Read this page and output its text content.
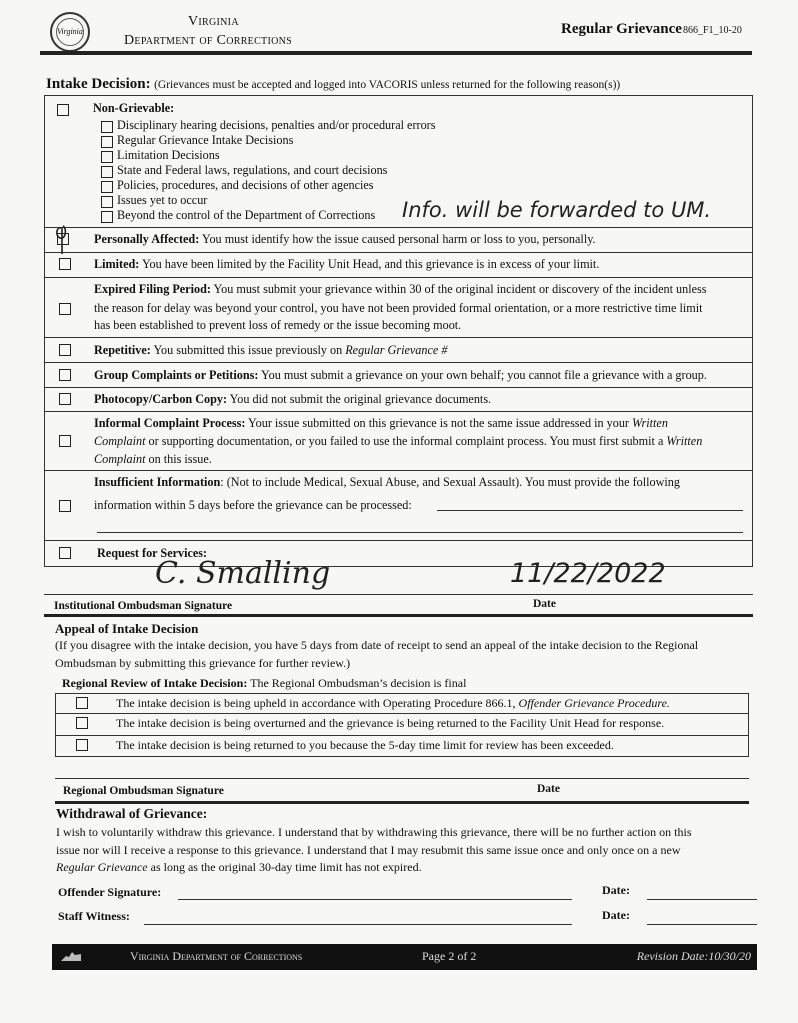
Virginia
Virginia
Department of Corrections
Regular Grievance 866_F1_10-20
Intake Decision: (Grievances must be accepted and logged into VACORIS unless returned for the following reason(s))
Non-Grievable:
Disciplinary hearing decisions, penalties and/or procedural errors
Regular Grievance Intake Decisions
Limitation Decisions
State and Federal laws, regulations, and court decisions
Policies, procedures, and decisions of other agencies
Issues yet to occur
Beyond the control of the Department of Corrections Info. will be forwarded to UM.
Personally Affected: You must identify how the issue caused personal harm or loss to you, personally.
Limited: You have been limited by the Facility Unit Head, and this grievance is in excess of your limit.
Expired Filing Period: You must submit your grievance within 30 of the original incident or discovery of the incident unless
the reason for delay was beyond your control, you have not been provided formal orientation, or a more restrictive time limit
has been established to prevent loss of remedy or the issue becoming moot.
Repetitive: You submitted this issue previously on Regular Grievance #
Group Complaints or Petitions: You must submit a grievance on your own behalf; you cannot file a grievance with a group.
Photocopy/Carbon Copy: You did not submit the original grievance documents.
Informal Complaint Process: Your issue submitted on this grievance is not the same issue addressed in your Written
Complaint or supporting documentation, or you failed to use the informal complaint process. You must first submit a Written
Complaint on this issue.
Insufficient Information: (Not to include Medical, Sexual Abuse, and Sexual Assault). You must provide the following
information within 5 days before the grievance can be processed:
Request for Services:
C. Smalling	11/22/2022
Institutional Ombudsman Signature	Date
Appeal of Intake Decision
(If you disagree with the intake decision, you have 5 days from date of receipt to send an appeal of the intake decision to the Regional
Ombudsman by submitting this grievance for further review.)
Regional Review of Intake Decision: The Regional Ombudsman’s decision is final
The intake decision is being upheld in accordance with Operating Procedure 866.1, Offender Grievance Procedure.
The intake decision is being overturned and the grievance is being returned to the Facility Unit Head for response.
The intake decision is being returned to you because the 5-day time limit for review has been exceeded.
Regional Ombudsman Signature	Date
Withdrawal of Grievance:
I wish to voluntarily withdraw this grievance. I understand that by withdrawing this grievance, there will be no further action on this
issue nor will I receive a response to this grievance. I understand that I may resubmit this same issue once and only once on a new
Regular Grievance as long as the original 30-day time limit has not expired.
Offender Signature:	Date:
Staff Witness:	Date:
Virginia Department of Corrections	Page 2 of 2	Revision Date:10/30/20
